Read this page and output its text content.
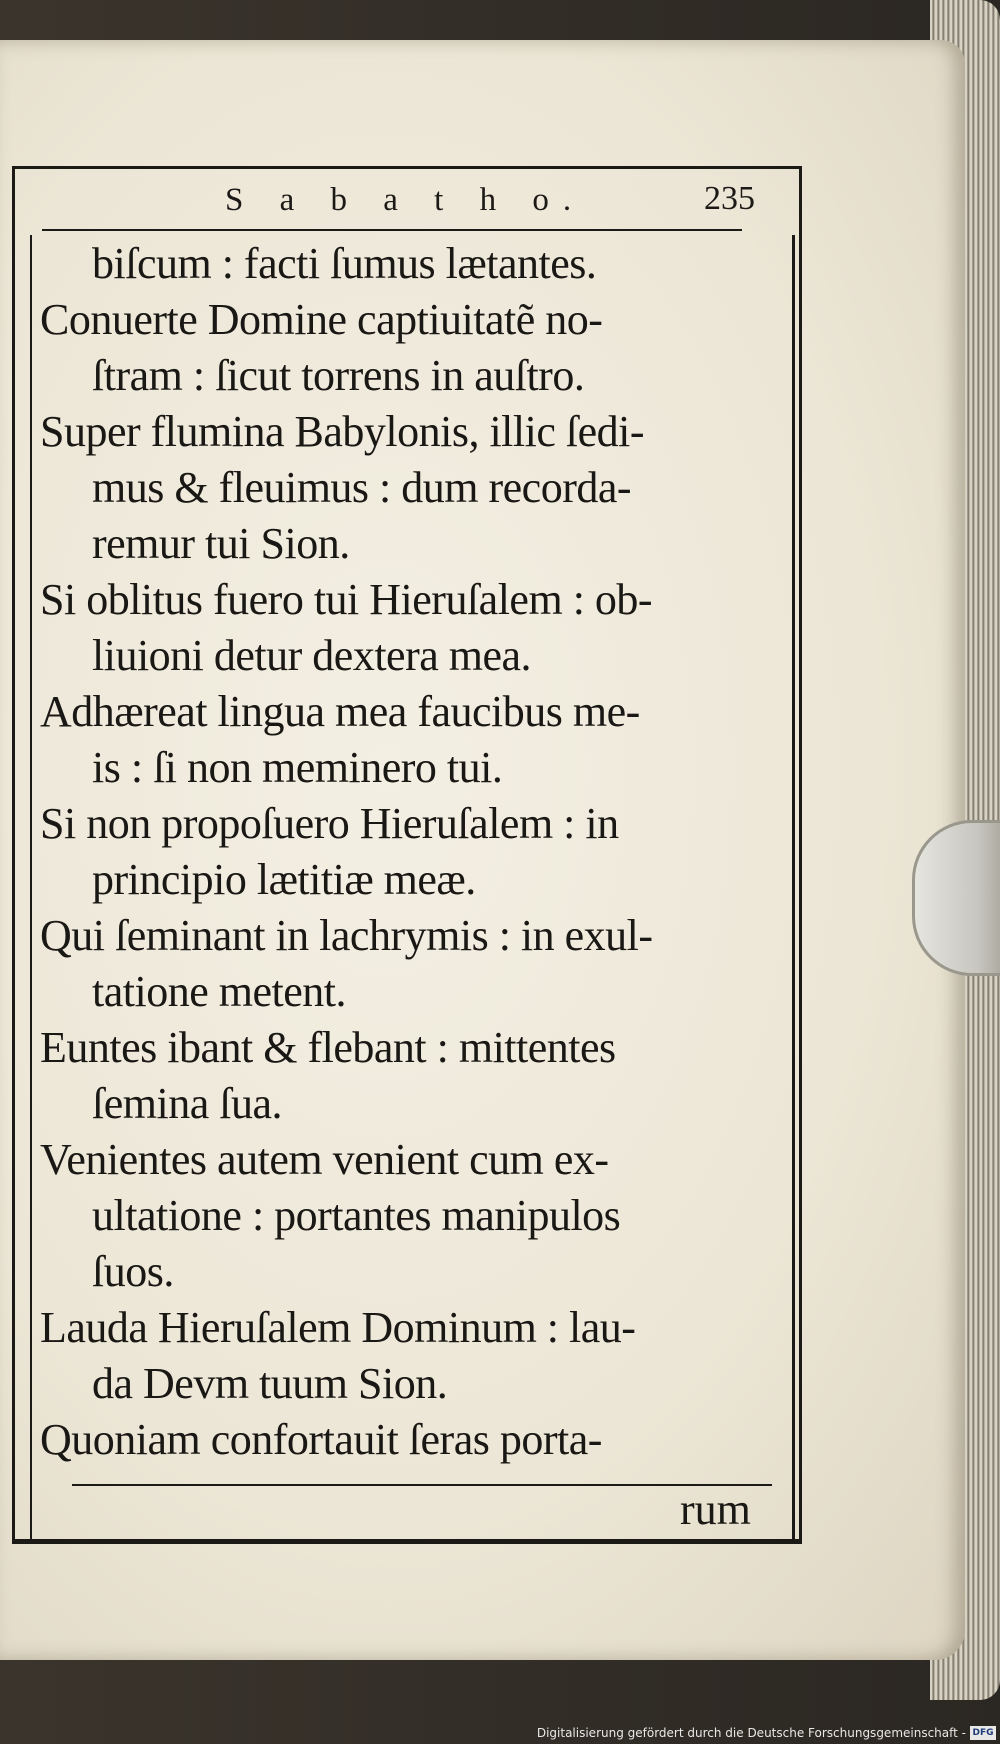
S a b a t h o.	235
biſcum : facti ſumus lætantes.
Conuerte Domine captiuitatẽ no-
ſtram : ſicut torrens in auſtro.
Super flumina Babylonis, illic ſedi-
mus & fleuimus : dum recorda-
remur tui Sion.
Si oblitus fuero tui Hieruſalem : ob-
liuioni detur dextera mea.
Adhæreat lingua mea faucibus me-
is : ſi non meminero tui.
Si non propoſuero Hieruſalem : in
principio lætitiæ meæ.
Qui ſeminant in lachrymis : in exul-
tatione metent.
Euntes ibant & flebant : mittentes
ſemina ſua.
Venientes autem venient cum ex-
ultatione : portantes manipulos
ſuos.
Lauda Hieruſalem Dominum : lau-
da Devm tuum Sion.
Quoniam confortauit ſeras porta-
rum
Digitalisierung gefördert durch die Deutsche Forschungsgemeinschaft - DFG
